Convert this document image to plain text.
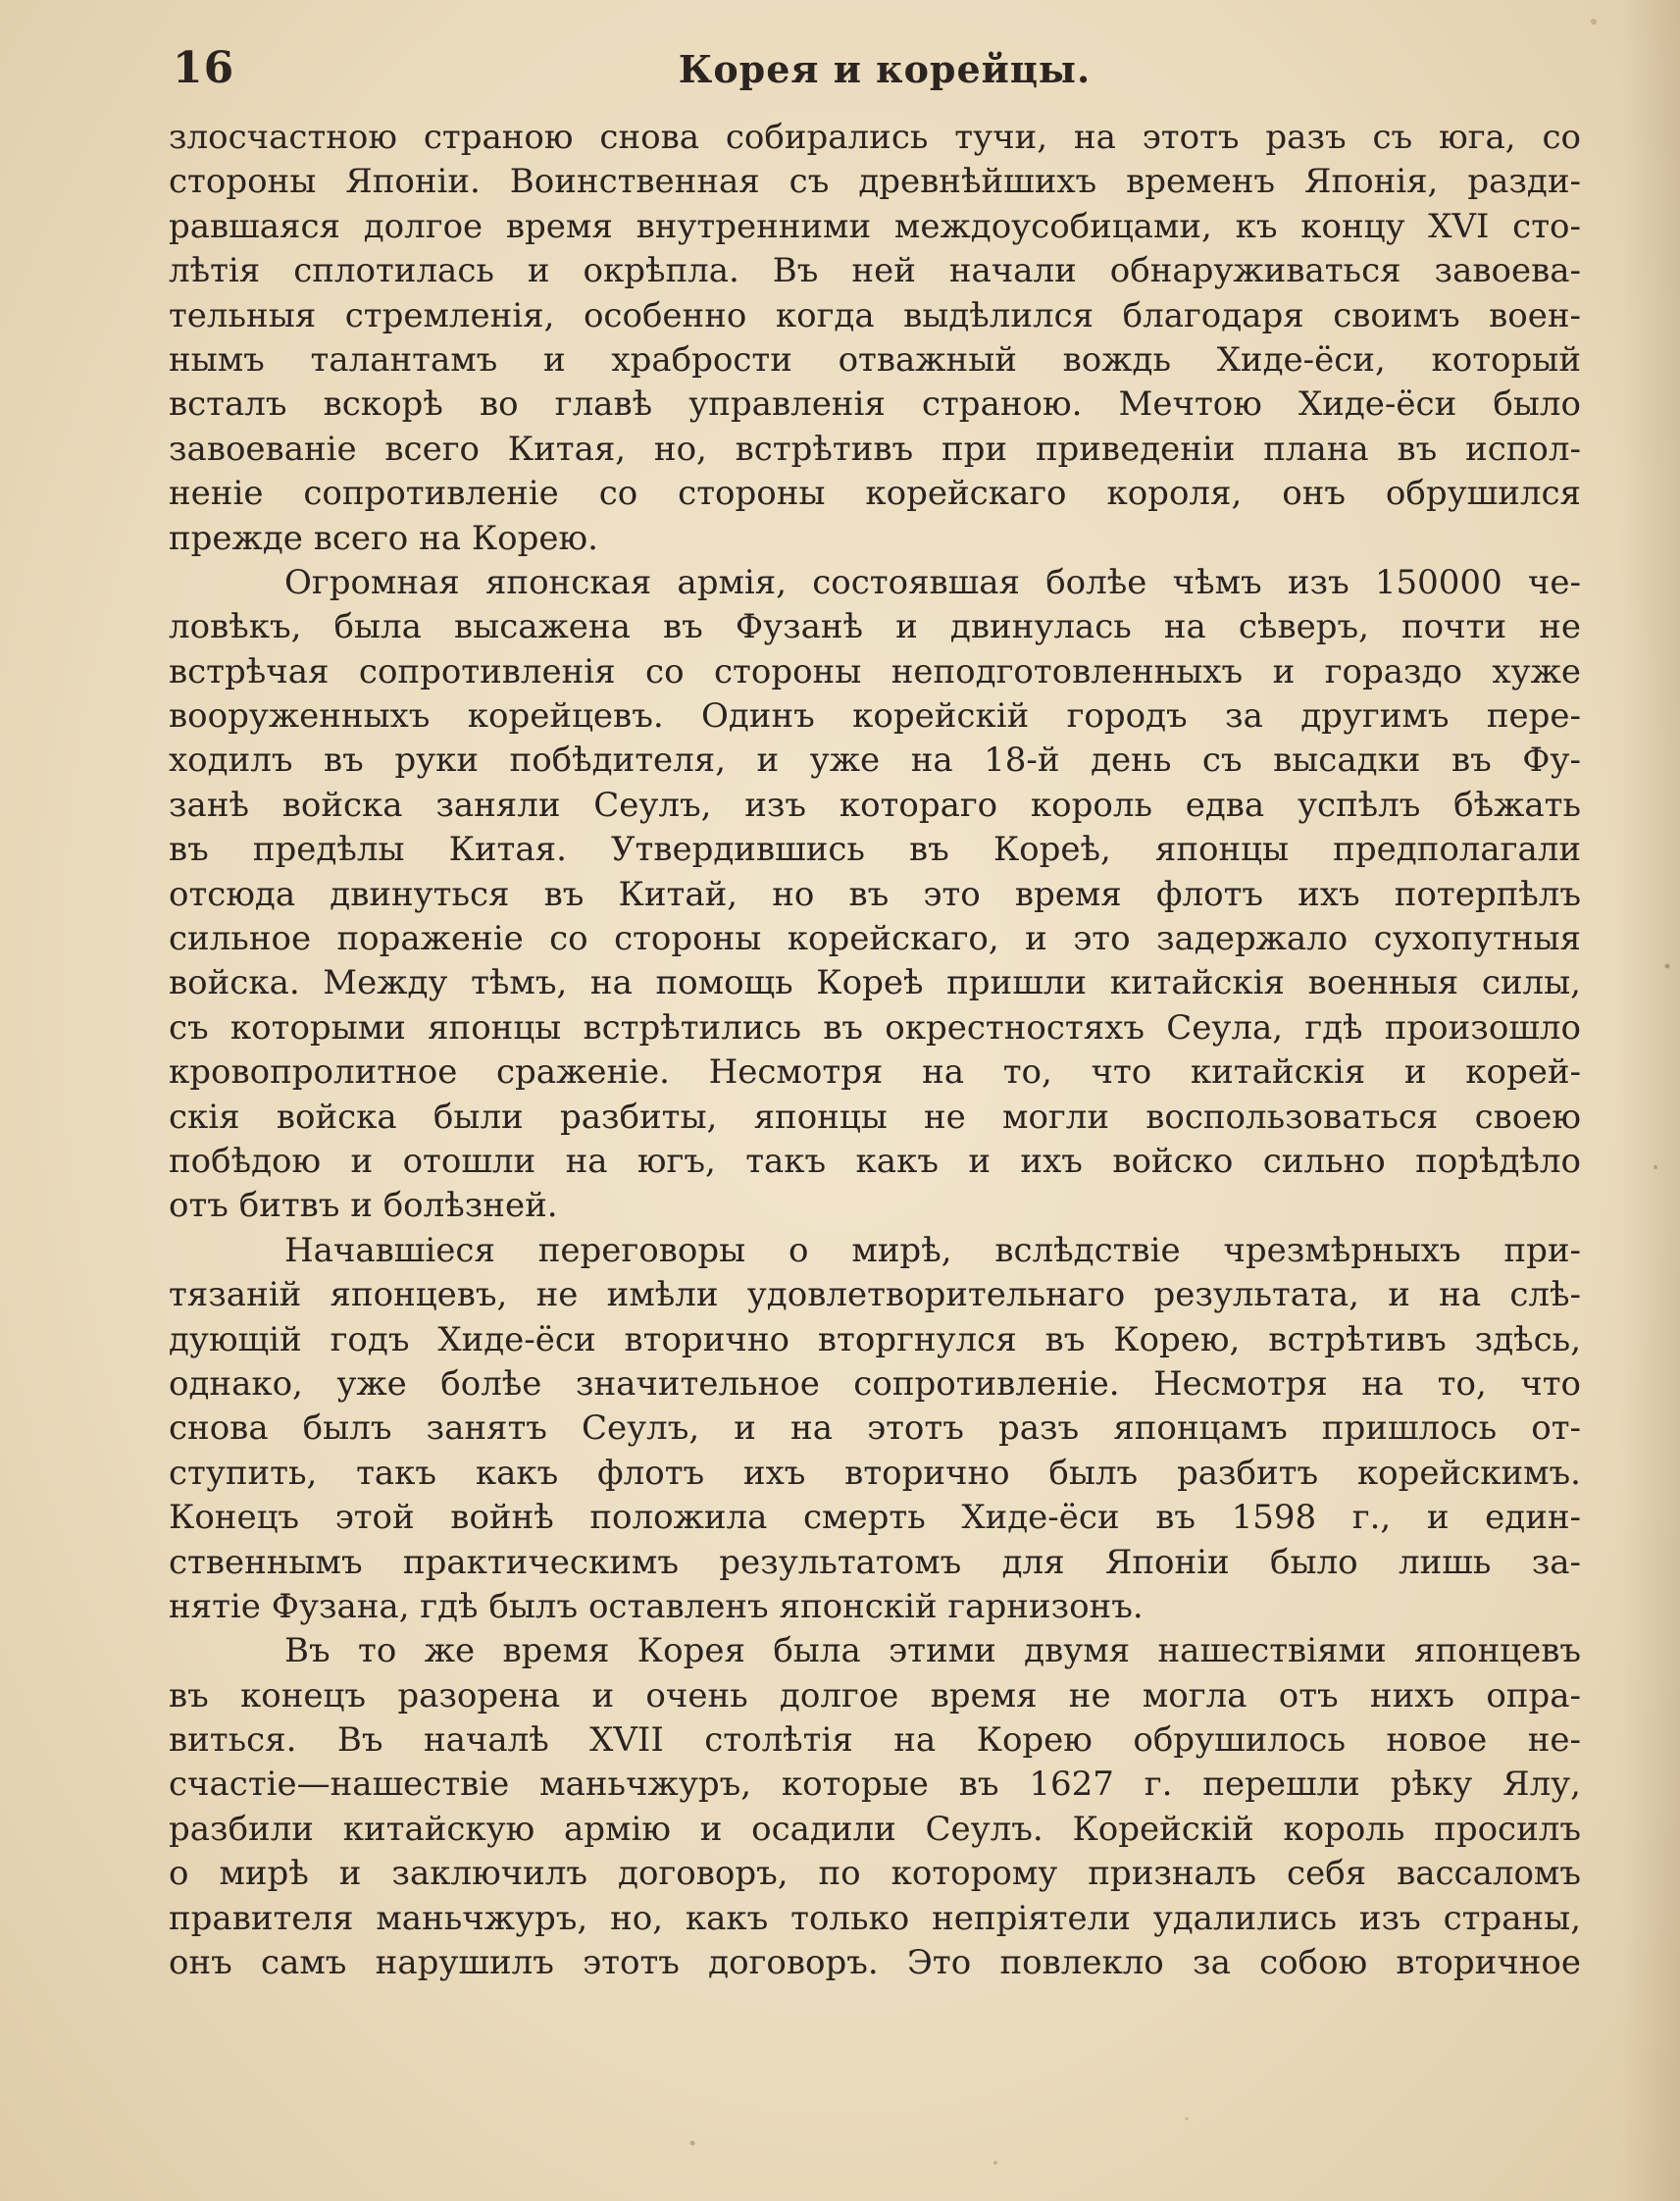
16	Корея и корейцы.
злосчастною страною снова собирались тучи, на этотъ разъ съ юга, со
стороны Японіи. Воинственная съ древнѣйшихъ временъ Японія, разди-
равшаяся долгое время внутренними междоусобицами, къ концу XVI сто-
лѣтія сплотилась и окрѣпла. Въ ней начали обнаруживаться завоева-
тельныя стремленія, особенно когда выдѣлился благодаря своимъ воен-
нымъ талантамъ и храбрости отважный вождь Хиде-ёси, который
всталъ вскорѣ во главѣ управленія страною. Мечтою Хиде-ёси было
завоеваніе всего Китая, но, встрѣтивъ при приведеніи плана въ испол-
неніе сопротивленіе со стороны корейскаго короля, онъ обрушился
прежде всего на Корею.
Огромная японская армія, состоявшая болѣе чѣмъ изъ 150000 че-
ловѣкъ, была высажена въ Фузанѣ и двинулась на сѣверъ, почти не
встрѣчая сопротивленія со стороны неподготовленныхъ и гораздо хуже
вооруженныхъ корейцевъ. Одинъ корейскій городъ за другимъ пере-
ходилъ въ руки побѣдителя, и уже на 18-й день съ высадки въ Фу-
занѣ войска заняли Сеулъ, изъ котораго король едва успѣлъ бѣжать
въ предѣлы Китая. Утвердившись въ Кореѣ, японцы предполагали
отсюда двинуться въ Китай, но въ это время флотъ ихъ потерпѣлъ
сильное пораженіе со стороны корейскаго, и это задержало сухопутныя
войска. Между тѣмъ, на помощь Кореѣ пришли китайскія военныя силы,
съ которыми японцы встрѣтились въ окрестностяхъ Сеула, гдѣ произошло
кровопролитное сраженіе. Несмотря на то, что китайскія и корей-
скія войска были разбиты, японцы не могли воспользоваться своею
побѣдою и отошли на югъ, такъ какъ и ихъ войско сильно порѣдѣло
отъ битвъ и болѣзней.
Начавшіеся переговоры о мирѣ, вслѣдствіе чрезмѣрныхъ при-
тязаній японцевъ, не имѣли удовлетворительнаго результата, и на слѣ-
дующій годъ Хиде-ёси вторично вторгнулся въ Корею, встрѣтивъ здѣсь,
однако, уже болѣе значительное сопротивленіе. Несмотря на то, что
снова былъ занятъ Сеулъ, и на этотъ разъ японцамъ пришлось от-
ступить, такъ какъ флотъ ихъ вторично былъ разбитъ корейскимъ.
Конецъ этой войнѣ положила смерть Хиде-ёси въ 1598 г., и един-
ственнымъ практическимъ результатомъ для Японіи было лишь за-
нятіе Фузана, гдѣ былъ оставленъ японскій гарнизонъ.
Въ то же время Корея была этими двумя нашествіями японцевъ
въ конецъ разорена и очень долгое время не могла отъ нихъ опра-
виться. Въ началѣ XVII столѣтія на Корею обрушилось новое не-
счастіе—нашествіе маньчжуръ, которые въ 1627 г. перешли рѣку Ялу,
разбили китайскую армію и осадили Сеулъ. Корейскій король просилъ
о мирѣ и заключилъ договоръ, по которому призналъ себя вассаломъ
правителя маньчжуръ, но, какъ только непріятели удалились изъ страны,
онъ самъ нарушилъ этотъ договоръ. Это повлекло за собою вторичное
